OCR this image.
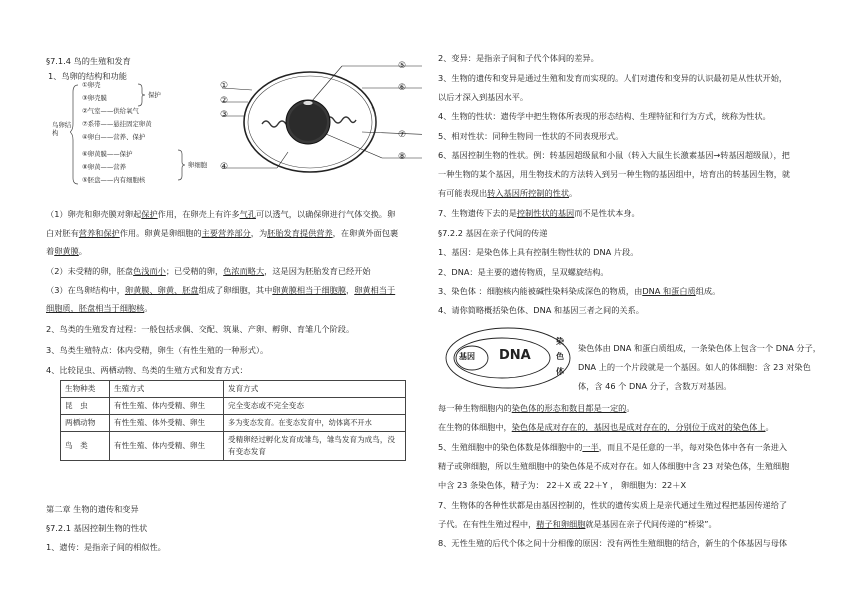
§7.1.4 鸟的生殖和发育
1、鸟卵的结构和功能
鸟卵结构
①卵壳
③卵壳膜
②气室——供给氧气
⑦系带——悬挂固定卵黄
④卵白——营养、保护
⑥卵黄膜——保护
⑧卵黄——营养
⑤胚盘——内有细胞核
保护
卵细胞
①
②
③
④
（1）卵壳和卵壳膜对卵起保护作用，在卵壳上有许多气孔可以透气，以确保卵进行气体交换。卵
白对胚有营养和保护作用。卵黄是卵细胞的主要营养部分，为胚胎发育提供营养，在卵黄外面包裹
着卵黄膜。
（2）未受精的卵，胚盘色浅而小；已受精的卵，色浓而略大，这是因为胚胎发育已经开始
（3）在鸟卵结构中，卵黄膜、卵黄、胚盘组成了卵细胞，其中卵黄膜相当于细胞膜，卵黄相当于
细胞质，胚盘相当于细胞核。
2、鸟类的生殖发育过程：一般包括求偶、交配、筑巢、产卵、孵卵、育雏几个阶段。
3、鸟类生殖特点：体内受精，卵生（有性生殖的一种形式）。
4、比较昆虫、两栖动物、鸟类的生殖方式和发育方式：
生物种类	生殖方式	发育方式
昆　虫	有性生殖、体内受精、卵生	完全变态或不完全变态
两栖动物	有性生殖、体外受精、卵生	多为变态发育。在变态发育中，幼体离不开水
鸟　类	有性生殖、体内受精、卵生	受精卵经过孵化发育成雏鸟，雏鸟发育为成鸟，没有变态发育
第二章 生物的遗传和变异
§7.2.1 基因控制生物的性状
1、遗传：是指亲子间的相似性。
2、变异：是指亲子间和子代个体间的差异。
3、生物的遗传和变异是通过生殖和发育而实现的。人们对遗传和变异的认识最初是从性状开始，
以后才深入到基因水平。
4、生物的性状：遗传学中把生物体所表现的形态结构、生理特征和行为方式，统称为性状。
5、相对性状：同种生物同一性状的不同表现形式。
6、基因控制生物的性状。例：转基因超级鼠和小鼠（转入大鼠生长激素基因→转基因超级鼠），把
一种生物的某个基因，用生物技术的方法转入到另一种生物的基因组中，培育出的转基因生物，就
有可能表现出转入基因所控制的性状。
7、生物遗传下去的是控制性状的基因而不是性状本身。
§7.2.2 基因在亲子代间的传递
1、基因：是染色体上具有控制生物性状的 DNA 片段。
2、DNA：是主要的遗传物质，呈双螺旋结构。
3、染色体 ：细胞核内能被碱性染料染成深色的物质，由DNA 和蛋白质组成。
4、请你简略概括染色体、DNA 和基因三者之间的关系。
基因 DNA
染
色
体
染色体由 DNA 和蛋白质组成，一条染色体上包含一个 DNA 分子，
DNA 上的一个片段就是一个基因。如人的体细胞：含 23 对染色
体，含 46 个 DNA 分子，含数万对基因。
每一种生物细胞内的染色体的形态和数目都是一定的。
在生物的体细胞中，染色体是成对存在的，基因也是成对存在的，分别位于成对的染色体上。
5、生殖细胞中的染色体数是体细胞中的一半，而且不是任意的一半，每对染色体中各有一条进入
精子或卵细胞，所以生殖细胞中的染色体是不成对存在。如人体细胞中含 23 对染色体，生殖细胞
中含 23 条染色体，精子为： 22＋X 或 22＋Y ， 卵细胞为：22＋X
7、生物体的各种性状都是由基因控制的，性状的遗传实质上是亲代通过生殖过程把基因传递给了
子代。在有性生殖过程中，精子和卵细胞就是基因在亲子代间传递的“桥梁”。
8、无性生殖的后代个体之间十分相像的原因：没有两性生殖细胞的结合，新生的个体基因与母体
⑤
⑥
⑦
⑧
